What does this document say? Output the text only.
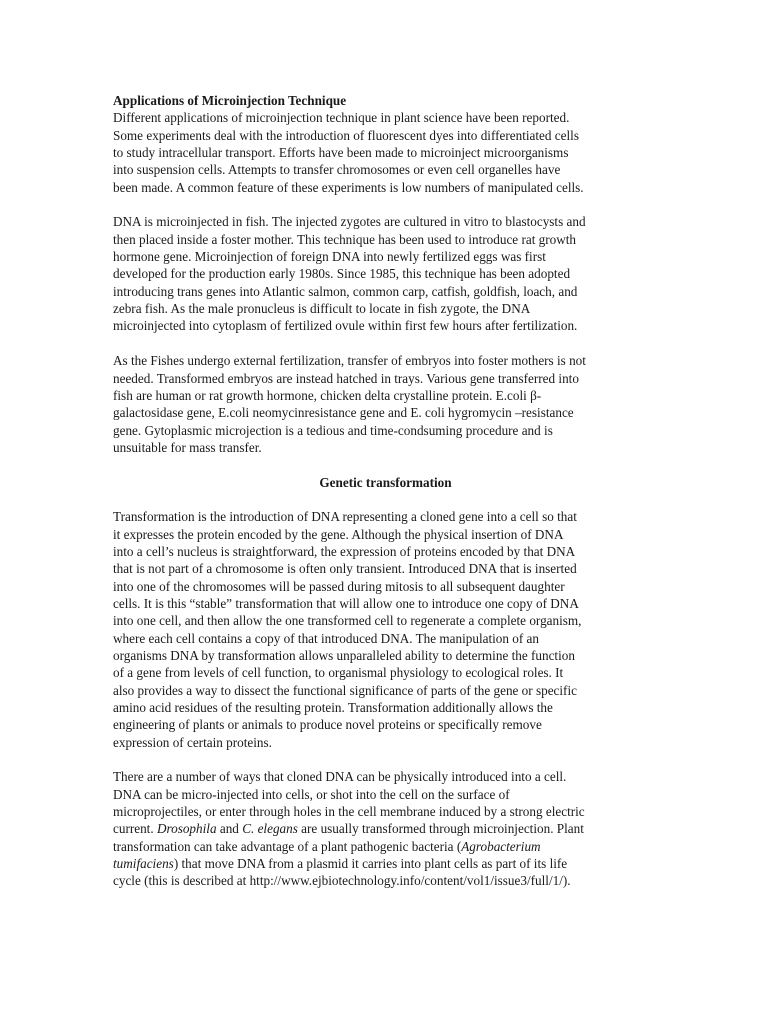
Applications of Microinjection Technique

Different applications of microinjection technique in plant science have been reported.
Some experiments deal with the introduction of fluorescent dyes into differentiated cells
to study intracellular transport. Efforts have been made to microinject microorganisms
into suspension cells. Attempts to transfer chromosomes or even cell organelles have
been made. A common feature of these experiments is low numbers of manipulated cells.

DNA is microinjected in fish. The injected zygotes are cultured in vitro to blastocysts and
then placed inside a foster mother. This technique has been used to introduce rat growth
hormone gene. Microinjection of foreign DNA into newly fertilized eggs was first
developed for the production early 1980s. Since 1985, this technique has been adopted
introducing trans genes into Atlantic salmon, common carp, catfish, goldfish, loach, and
zebra fish. As the male pronucleus is difficult to locate in fish zygote, the DNA
microinjected into cytoplasm of fertilized ovule within first few hours after fertilization.

As the Fishes undergo external fertilization, transfer of embryos into foster mothers is not
needed. Transformed embryos are instead hatched in trays. Various gene transferred into
fish are human or rat growth hormone, chicken delta crystalline protein. E.coli β-
galactosidase gene, E.coli neomycinresistance gene and E. coli hygromycin –resistance
gene. Gytoplasmic microjection is a tedious and time-condsuming procedure and is
unsuitable for mass transfer.

Genetic transformation

Transformation is the introduction of DNA representing a cloned gene into a cell so that
it expresses the protein encoded by the gene. Although the physical insertion of DNA
into a cell’s nucleus is straightforward, the expression of proteins encoded by that DNA
that is not part of a chromosome is often only transient. Introduced DNA that is inserted
into one of the chromosomes will be passed during mitosis to all subsequent daughter
cells. It is this “stable” transformation that will allow one to introduce one copy of DNA
into one cell, and then allow the one transformed cell to regenerate a complete organism,
where each cell contains a copy of that introduced DNA. The manipulation of an
organisms DNA by transformation allows unparalleled ability to determine the function
of a gene from levels of cell function, to organismal physiology to ecological roles. It
also provides a way to dissect the functional significance of parts of the gene or specific
amino acid residues of the resulting protein. Transformation additionally allows the
engineering of plants or animals to produce novel proteins or specifically remove
expression of certain proteins.

There are a number of ways that cloned DNA can be physically introduced into a cell.
DNA can be micro-injected into cells, or shot into the cell on the surface of
microprojectiles, or enter through holes in the cell membrane induced by a strong electric
current. Drosophila and C. elegans are usually transformed through microinjection. Plant
transformation can take advantage of a plant pathogenic bacteria (Agrobacterium
tumifaciens) that move DNA from a plasmid it carries into plant cells as part of its life
cycle (this is described at http://www.ejbiotechnology.info/content/vol1/issue3/full/1/).
